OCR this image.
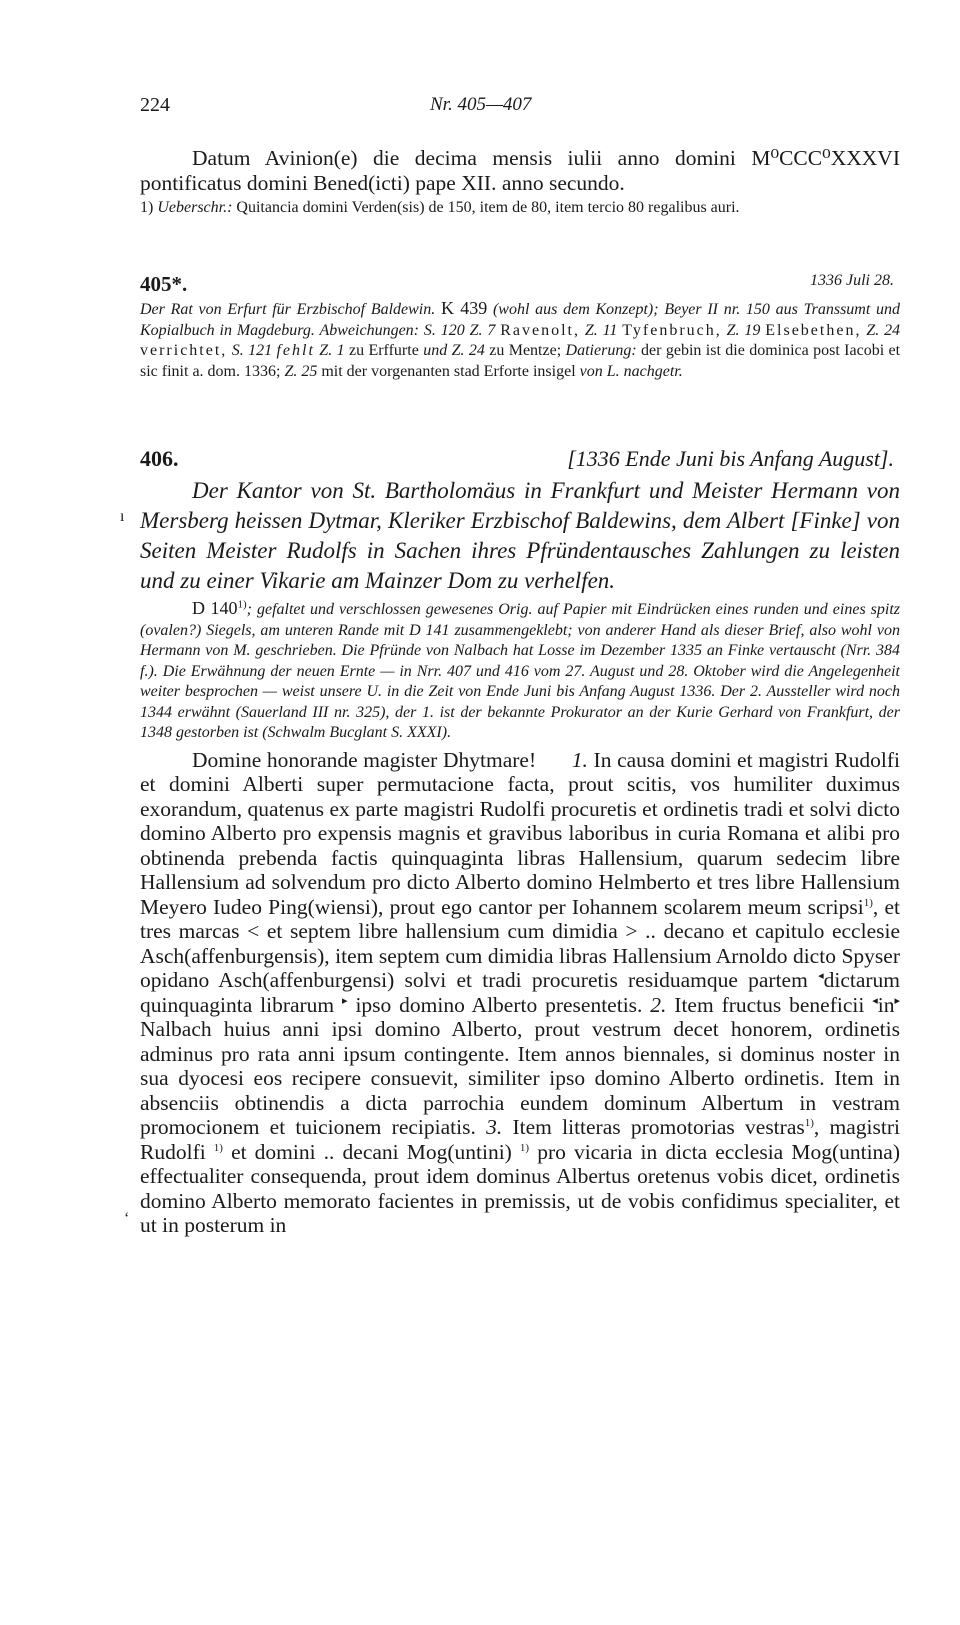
224	Nr. 405—407

Datum Avinion(e) die decima mensis iulii anno domini M⁰CCC⁰XXXVI pontificatus domini Bened(icti) pape XII. anno secundo.

1) Ueberschr.: Quitancia domini Verden(sis) de 150, item de 80, item tercio 80 regalibus auri.

405*.	1336 Juli 28.

Der Rat von Erfurt für Erzbischof Baldewin. K 439 (wohl aus dem Konzept); Beyer II nr. 150 aus Transsumt und Kopialbuch in Magdeburg. Abweichungen: S. 120 Z. 7 Ravenolt, Z. 11 Tyfenbruch, Z. 19 Elsebethen, Z. 24 verrichtet, S. 121 fehlt Z. 1 zu Erffurte und Z. 24 zu Mentze; Datierung: der gebin ist die dominica post Iacobi et sic finit a. dom. 1336; Z. 25 mit der vorgenanten stad Erforte insigel von L. nachgetr.

406.	[1336 Ende Juni bis Anfang August].

Der Kantor von St. Bartholomäus in Frankfurt und Meister Hermann von Mersberg heissen Dytmar, Kleriker Erzbischof Baldewins, dem Albert [Finke] von Seiten Meister Rudolfs in Sachen ihres Pfründentausches Zahlungen zu leisten und zu einer Vikarie am Mainzer Dom zu verhelfen.

D 140$^{1)}$; gefaltet und verschlossen gewesenes Orig. auf Papier mit Eindrücken eines runden und eines spitz (ovalen?) Siegels, am unteren Rande mit D 141 zusammengeklebt; von anderer Hand als dieser Brief, also wohl von Hermann von M. geschrieben. Die Pfründe von Nalbach hat Losse im Dezember 1335 an Finke vertauscht (Nrr. 384 f.). Die Erwähnung der neuen Ernte — in Nrr. 407 und 416 vom 27. August und 28. Oktober wird die Angelegenheit weiter besprochen — weist unsere U. in die Zeit von Ende Juni bis Anfang August 1336. Der 2. Aussteller wird noch 1344 erwähnt (Sauerland III nr. 325), der 1. ist der bekannte Prokurator an der Kurie Gerhard von Frankfurt, der 1348 gestorben ist (Schwalm Bucglant S. XXXI).

Domine honorande magister Dhytmare! 1. In causa domini et magistri Rudolfi et domini Alberti super permutacione facta, prout scitis, vos humiliter duximus exorandum, quatenus ex parte magistri Rudolfi procuretis et ordinetis tradi et solvi dicto domino Alberto pro expensis magnis et gravibus laboribus in curia Romana et alibi pro obtinenda prebenda factis quinquaginta libras Hallensium, quarum sedecim libre Hallensium ad solvendum pro dicto Alberto domino Helmberto et tres libre Hallensium Meyero Iudeo Ping(wiensi), prout ego cantor per Iohannem scolarem meum scripsi$^{1)}$, et tres marcas < et septem libre hallensium cum dimidia > .. decano et capitulo ecclesie Asch(affenburgensis), item septem cum dimidia libras Hallensium Arnoldo dicto Spyser opidano Asch(affenburgensi) solvi et tradi procuretis residuamque partem ◂dictarum quinquaginta librarum ▸ ipso domino Alberto presentetis. 2. Item fructus beneficii ◂in▸ Nalbach huius anni ipsi domino Alberto, prout vestrum decet honorem, ordinetis adminus pro rata anni ipsum contingente. Item annos biennales, si dominus noster in sua dyocesi eos recipere consuevit, similiter ipso domino Alberto ordinetis. Item in absenciis obtinendis a dicta parrochia eundem dominum Albertum in vestram promocionem et tuicionem recipiatis. 3. Item litteras promotorias vestras$^{1)}$, magistri Rudolfi $^{1)}$ et domini .. decani Mog(untini) $^{1)}$ pro vicaria in dicta ecclesia Mog(untina) effectualiter consequenda, prout idem dominus Albertus oretenus vobis dicet, ordinetis domino Alberto memorato facientes in premissis, ut de vobis confidimus specialiter, et ut in posterum in

ı
ʻ
